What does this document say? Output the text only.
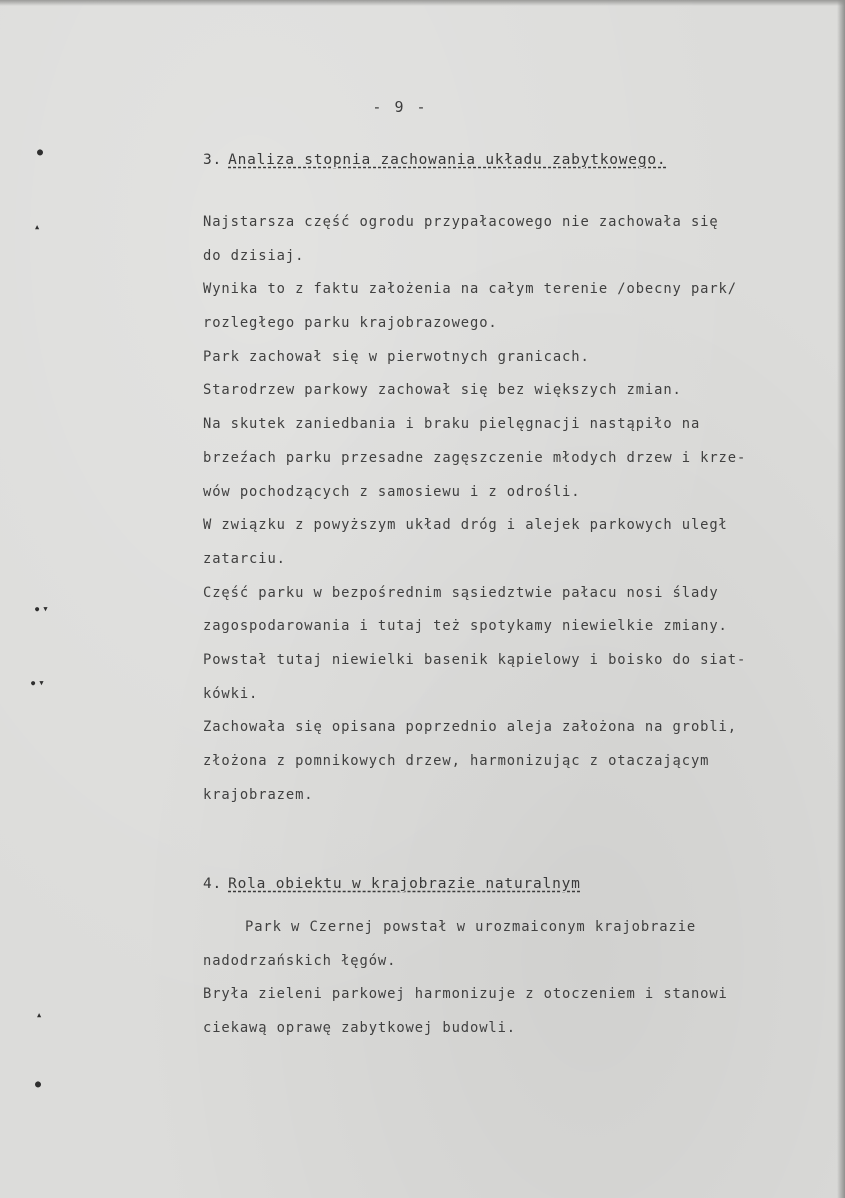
- 9 -
3. Analiza stopnia zachowania układu zabytkowego.
Najstarsza część ogrodu przypałacowego nie zachowała się
do dzisiaj.
Wynika to z faktu założenia na całym terenie /obecny park/
rozległego parku krajobrazowego.
Park zachował się w pierwotnych granicach.
Starodrzew parkowy zachował się bez większych zmian.
Na skutek zaniedbania i braku pielęgnacji nastąpiło na
brzeźach parku przesadne zagęszczenie młodych drzew i krze-
wów pochodzących z samosiewu i z odrośli.
W związku z powyższym układ dróg i alejek parkowych uległ
zatarciu.
Część parku w bezpośrednim sąsiedztwie pałacu nosi ślady
zagospodarowania i tutaj też spotykamy niewielkie zmiany.
Powstał tutaj niewielki basenik kąpielowy i boisko do siat-
kówki.
Zachowała się opisana poprzednio aleja założona na grobli,
złożona z pomnikowych drzew, harmonizując z otaczającym
krajobrazem.
4. Rola obiektu w krajobrazie naturalnym
Park w Czernej powstał w urozmaiconym krajobrazie
nadodrzańskich łęgów.
Bryła zieleni parkowej harmonizuje z otoczeniem i stanowi
ciekawą oprawę zabytkowej budowli.
●
▲
● ▼
● ▼
▲
●
